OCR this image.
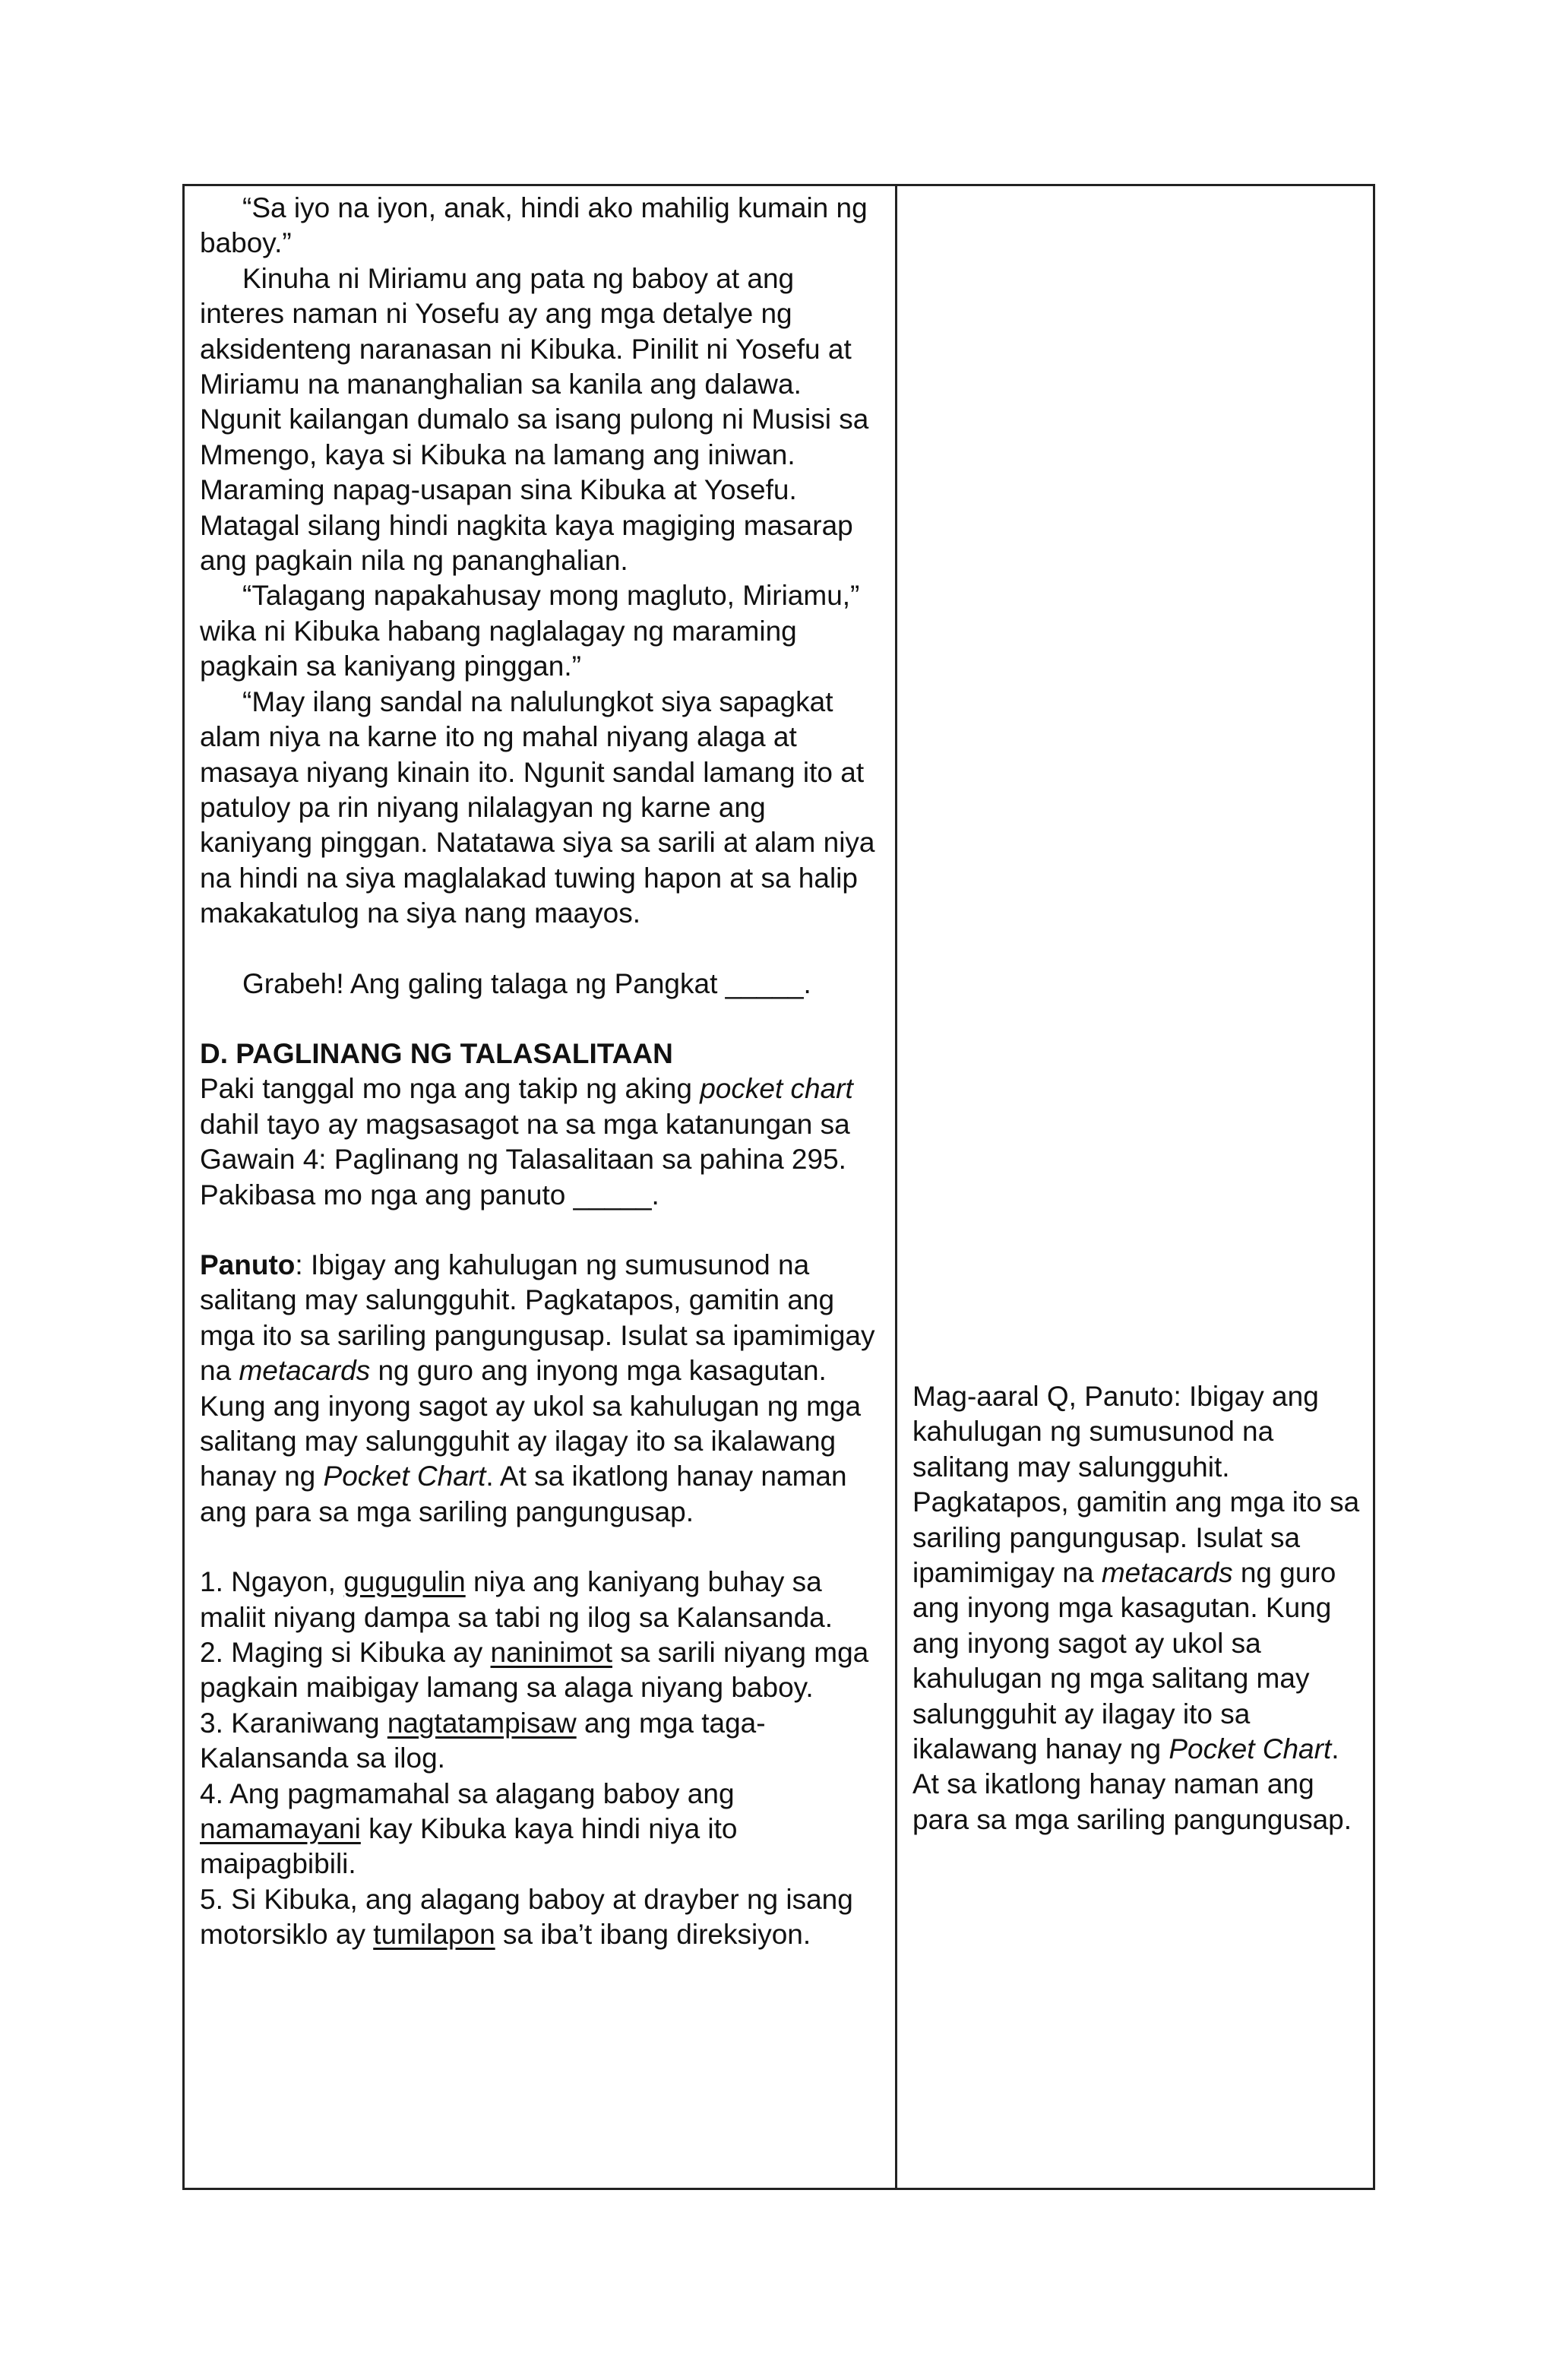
“Sa iyo na iyon, anak, hindi ako mahilig kumain ng baboy.”

Kinuha ni Miriamu ang pata ng baboy at ang interes naman ni Yosefu ay ang mga detalye ng aksidenteng naranasan ni Kibuka. Pinilit ni Yosefu at Miriamu na mananghalian sa kanila ang dalawa. Ngunit kailangan dumalo sa isang pulong ni Musisi sa Mmengo, kaya si Kibuka na lamang ang iniwan. Maraming napag-usapan sina Kibuka at Yosefu. Matagal silang hindi nagkita kaya magiging masarap ang pagkain nila ng pananghalian.

“Talagang napakahusay mong magluto, Miriamu,” wika ni Kibuka habang naglalagay ng maraming pagkain sa kaniyang pinggan.”

“May ilang sandal na nalulungkot siya sapagkat alam niya na karne ito ng mahal niyang alaga at masaya niyang kinain ito. Ngunit sandal lamang ito at patuloy pa rin niyang nilalagyan ng karne ang kaniyang pinggan. Natatawa siya sa sarili at alam niya na hindi na siya maglalakad tuwing hapon at sa halip makakatulog na siya nang maayos.

Grabeh! Ang galing talaga ng Pangkat _____.

D. PAGLINANG NG TALASALITAAN

Paki tanggal mo nga ang takip ng aking pocket chart dahil tayo ay magsasagot na sa mga katanungan sa Gawain 4: Paglinang ng Talasalitaan sa pahina 295.

Pakibasa mo nga ang panuto _____.

Panuto: Ibigay ang kahulugan ng sumusunod na salitang may salungguhit. Pagkatapos, gamitin ang mga ito sa sariling pangungusap. Isulat sa ipamimigay na metacards ng guro ang inyong mga kasagutan. Kung ang inyong sagot ay ukol sa kahulugan ng mga salitang may salungguhit ay ilagay ito sa ikalawang hanay ng Pocket Chart. At sa ikatlong hanay naman ang para sa mga sariling pangungusap.

1. Ngayon, gugugulin niya ang kaniyang buhay sa maliit niyang dampa sa tabi ng ilog sa Kalansanda.

2. Maging si Kibuka ay naninimot sa sarili niyang mga pagkain maibigay lamang sa alaga niyang baboy.

3. Karaniwang nagtatampisaw ang mga taga-Kalansanda sa ilog.

4. Ang pagmamahal sa alagang baboy ang namamayani kay Kibuka kaya hindi niya ito maipagbibili.

5. Si Kibuka, ang alagang baboy at drayber ng isang motorsiklo ay tumilapon sa iba’t ibang direksiyon.

Mag-aaral Q, Panuto: Ibigay ang kahulugan ng sumusunod na salitang may salungguhit. Pagkatapos, gamitin ang mga ito sa sariling pangungusap. Isulat sa ipamimigay na metacards ng guro ang inyong mga kasagutan. Kung ang inyong sagot ay ukol sa kahulugan ng mga salitang may salungguhit ay ilagay ito sa ikalawang hanay ng Pocket Chart. At sa ikatlong hanay naman ang para sa mga sariling pangungusap.
